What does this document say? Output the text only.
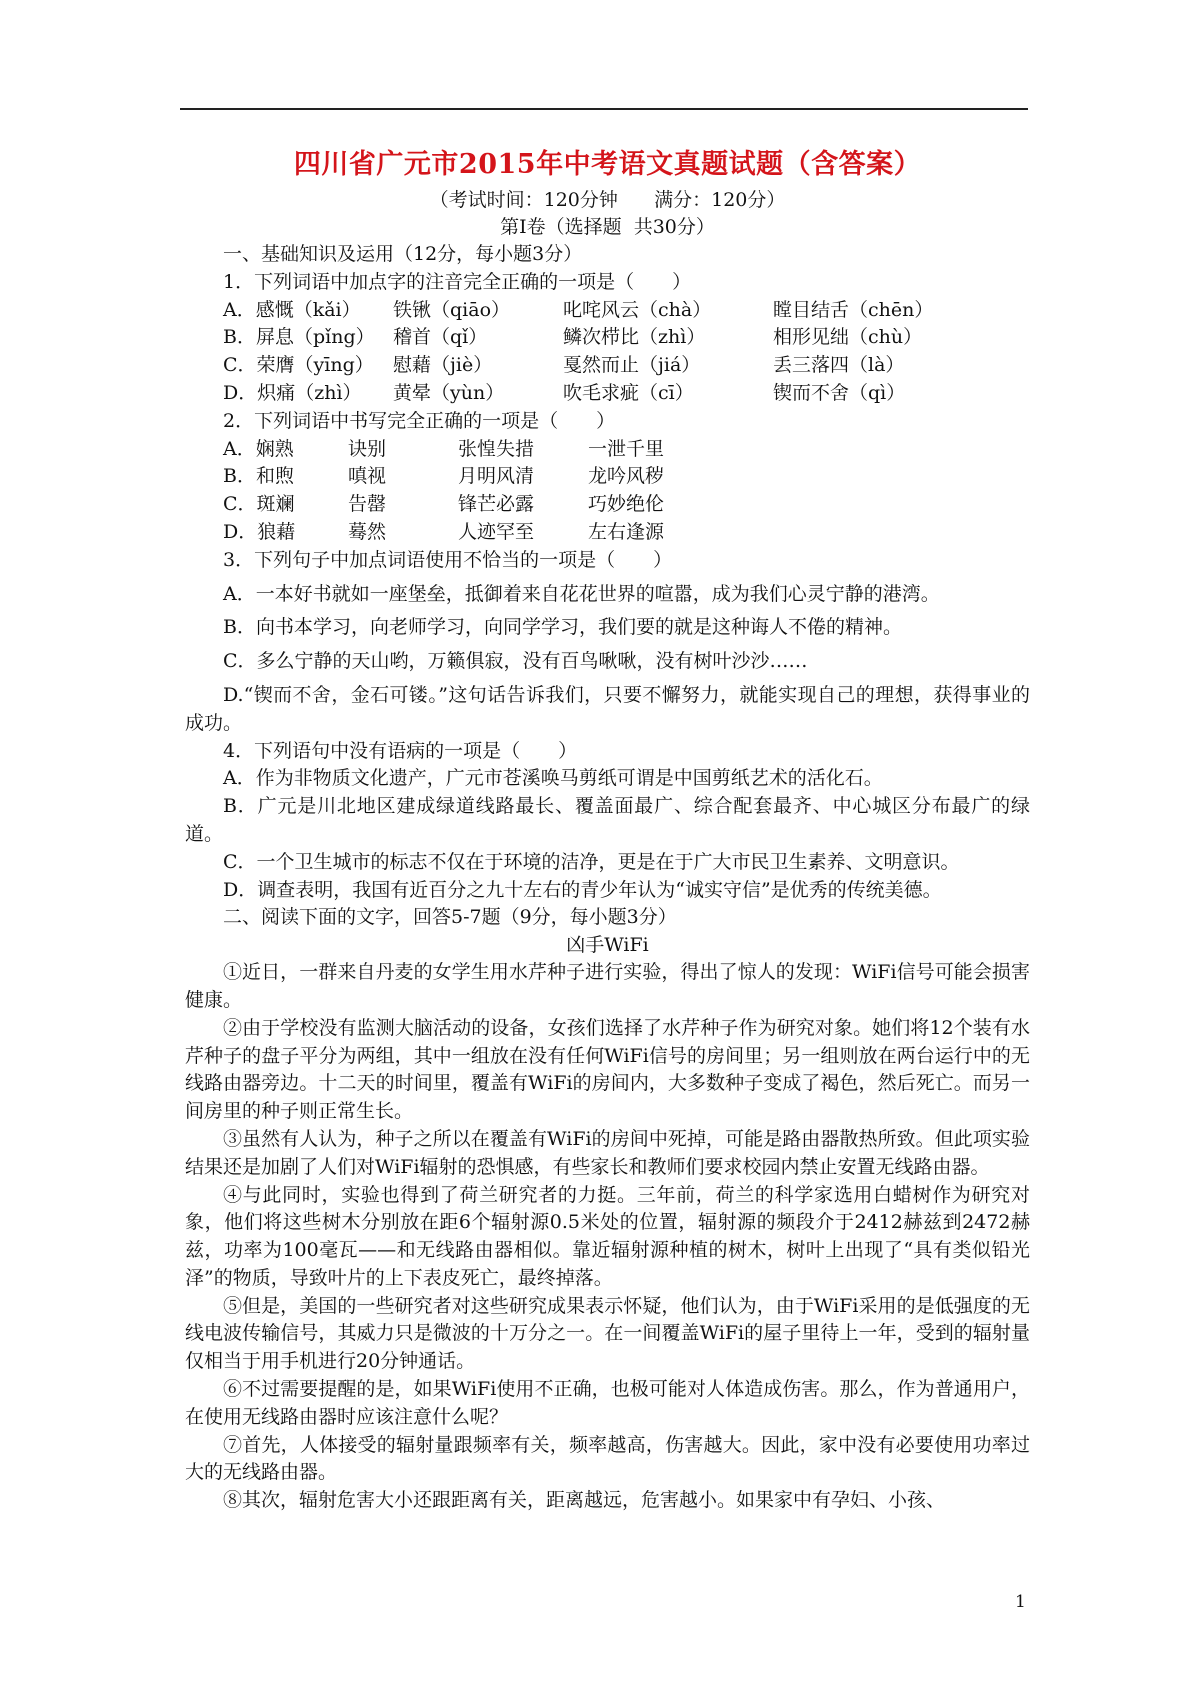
四川省广元市2015年中考语文真题试题（含答案）
（考试时间：120分钟      满分：120分）
第Ⅰ卷（选择题  共30分）
一、基础知识及运用（12分，每小题3分）
1．下列词语中加点字的注音完全正确的一项是（　　）
A．感慨（kǎi）	铁锹（qiāo）	叱咤风云（chà）	瞠目结舌（chēn）
B．屏息（pǐng） 稽首（qǐ）	鳞次栉比（zhì）	相形见绌（chù）
C．荣膺（yīng）	慰藉（jiè）	戛然而止（jiá）	丢三落四（là）
D．炽痛（zhì）	黄晕（yùn）	吹毛求疵（cī）	锲而不舍（qì）
2．下列词语中书写完全正确的一项是（　　）
A．娴熟	诀别	张惶失措	一泄千里
B．和煦	嗔视	月明风清	龙吟风秽
C．斑斓	告罄	锋芒必露	巧妙绝伦
D．狼藉	蓦然	人迹罕至	左右逢源
3．下列句子中加点词语使用不恰当的一项是（　　）
A．一本好书就如一座堡垒，抵御着来自花花世界的喧嚣，成为我们心灵宁静的港湾。
B．向书本学习，向老师学习，向同学学习，我们要的就是这种诲人不倦的精神。
C．多么宁静的天山哟，万籁俱寂，没有百鸟啾啾，没有树叶沙沙……
D.“锲而不舍，金石可镂。”这句话告诉我们，只要不懈努力，就能实现自己的理想，获得事业的成功。
4．下列语句中没有语病的一项是（　　）
A．作为非物质文化遗产，广元市苍溪唤马剪纸可谓是中国剪纸艺术的活化石。
B．广元是川北地区建成绿道线路最长、覆盖面最广、综合配套最齐、中心城区分布最广的绿道。
C．一个卫生城市的标志不仅在于环境的洁净，更是在于广大市民卫生素养、文明意识。
D．调查表明，我国有近百分之九十左右的青少年认为“诚实守信”是优秀的传统美德。
二、阅读下面的文字，回答5-7题（9分，每小题3分）
凶手WiFi
①近日，一群来自丹麦的女学生用水芹种子进行实验，得出了惊人的发现：WiFi信号可能会损害健康。
②由于学校没有监测大脑活动的设备，女孩们选择了水芹种子作为研究对象。她们将12个装有水芹种子的盘子平分为两组，其中一组放在没有任何WiFi信号的房间里；另一组则放在两台运行中的无线路由器旁边。十二天的时间里，覆盖有WiFi的房间内，大多数种子变成了褐色，然后死亡。而另一间房里的种子则正常生长。
③虽然有人认为，种子之所以在覆盖有WiFi的房间中死掉，可能是路由器散热所致。但此项实验结果还是加剧了人们对WiFi辐射的恐惧感，有些家长和教师们要求校园内禁止安置无线路由器。
④与此同时，实验也得到了荷兰研究者的力挺。三年前，荷兰的科学家选用白蜡树作为研究对象，他们将这些树木分别放在距6个辐射源0.5米处的位置，辐射源的频段介于2412赫兹到2472赫兹，功率为100毫瓦——和无线路由器相似。靠近辐射源种植的树木，树叶上出现了“具有类似铅光泽”的物质，导致叶片的上下表皮死亡，最终掉落。
⑤但是，美国的一些研究者对这些研究成果表示怀疑，他们认为，由于WiFi采用的是低强度的无线电波传输信号，其威力只是微波的十万分之一。在一间覆盖WiFi的屋子里待上一年，受到的辐射量仅相当于用手机进行20分钟通话。
⑥不过需要提醒的是，如果WiFi使用不正确，也极可能对人体造成伤害。那么，作为普通用户，在使用无线路由器时应该注意什么呢？
⑦首先，人体接受的辐射量跟频率有关，频率越高，伤害越大。因此，家中没有必要使用功率过大的无线路由器。
⑧其次，辐射危害大小还跟距离有关，距离越远，危害越小。如果家中有孕妇、小孩、
1
